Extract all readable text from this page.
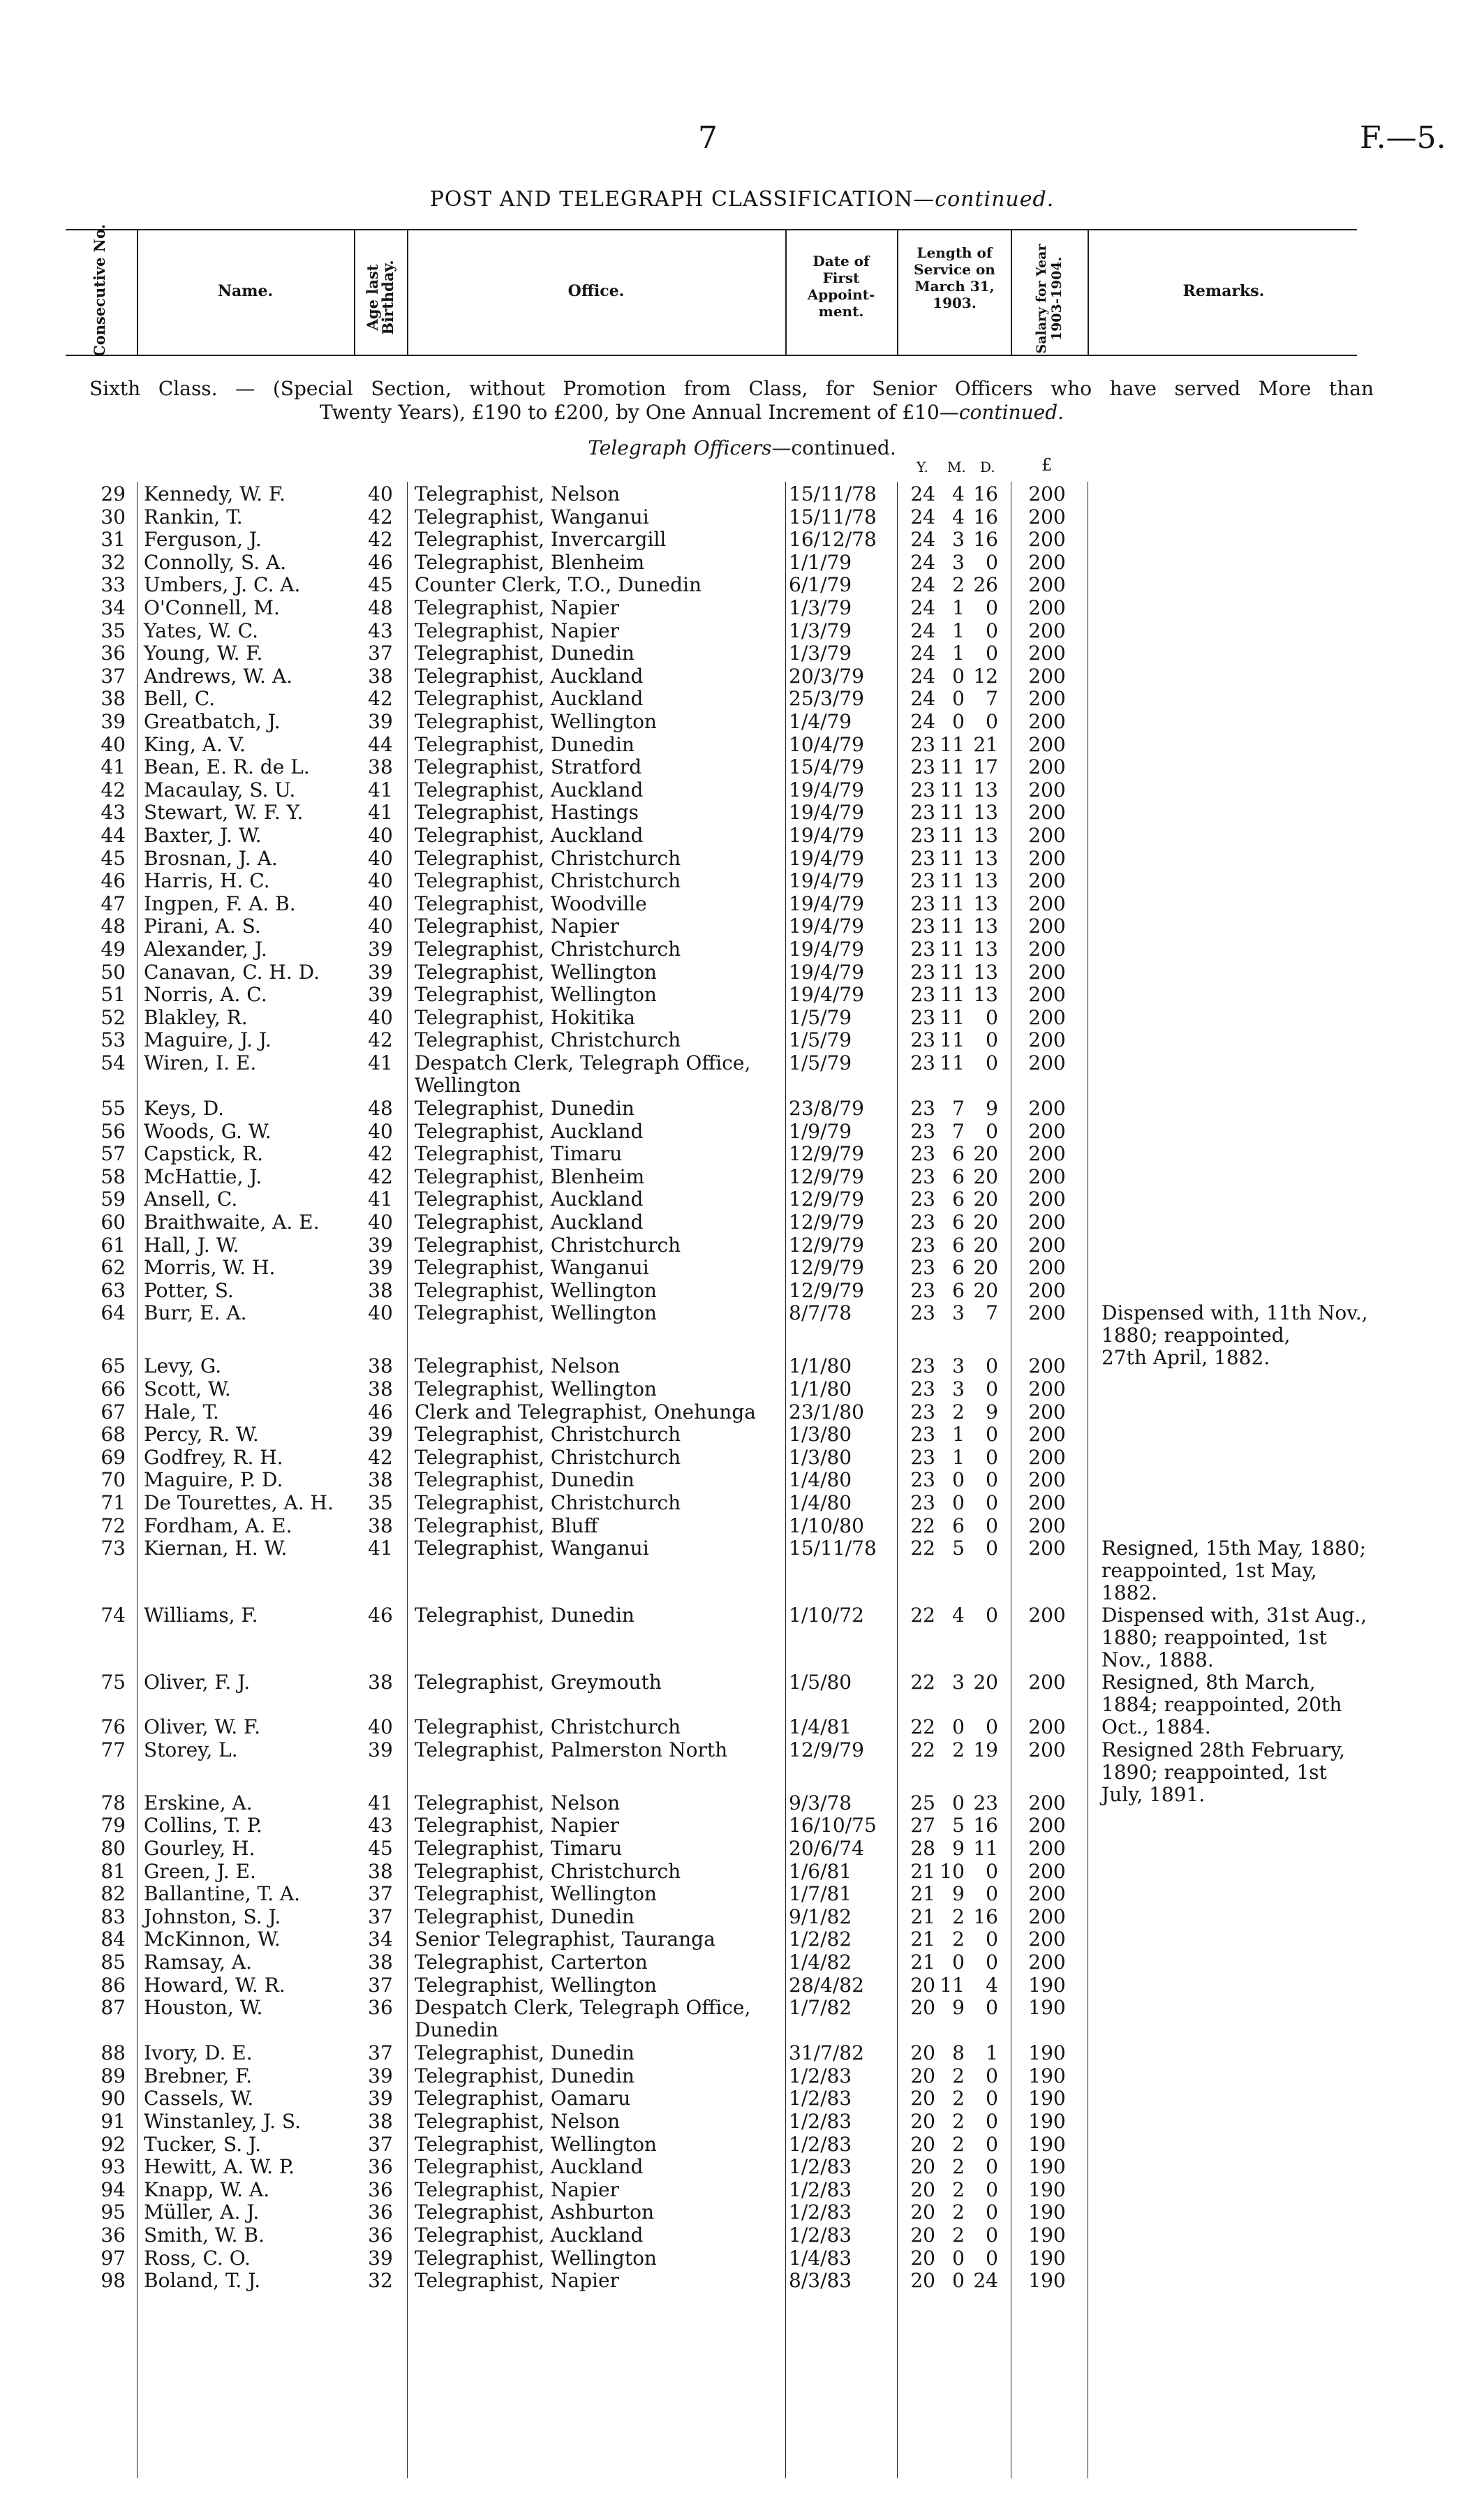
7	F.—5.
POST AND TELEGRAPH CLASSIFICATION—continued.
Consecutive No.	Name.	Age last Birthday.	Office.
Date of First Appoint-ment.
Length of Service on March 31, 1903.	Salary for Year 1903-1904.	Remarks.
Sixth Class. — (Special Section, without Promotion from Class, for Senior Officers who have served More than
Twenty Years), £190 to £200, by One Annual Increment of £10—continued.
Telegraph Officers—continued.
Y. M. D.	£
29 Kennedy, W. F.	40	Telegraphist, Nelson	15/11/78	24 4 16	200
30 Rankin, T.	42	Telegraphist, Wanganui	15/11/78	24 4 16	200
31 Ferguson, J.	42	Telegraphist, Invercargill	16/12/78	24 3 16	200
32 Connolly, S. A.	46	Telegraphist, Blenheim	1/1/79	24 3	0	200
33 Umbers, J. C. A.	45	Counter Clerk, T.O., Dunedin	6/1/79	24 2 26	200
34 O'Connell, M.	48	Telegraphist, Napier	1/3/79	24 1	0	200
35 Yates, W. C.	43	Telegraphist, Napier	1/3/79	24 1	0	200
36 Young, W. F.	37	Telegraphist, Dunedin	1/3/79	24 1	0	200
37 Andrews, W. A.	38	Telegraphist, Auckland	20/3/79	24 0 12	200
38 Bell, C.	42	Telegraphist, Auckland	25/3/79	24 0	7	200
39 Greatbatch, J.	39	Telegraphist, Wellington	1/4/79	24 0	0	200
40 King, A. V.	44	Telegraphist, Dunedin	10/4/79	23 11 21	200
41 Bean, E. R. de L.	38	Telegraphist, Stratford	15/4/79	23 11 17	200
42 Macaulay, S. U.	41	Telegraphist, Auckland	19/4/79	23 11 13	200
43 Stewart, W. F. Y.	41	Telegraphist, Hastings	19/4/79	23 11 13	200
44 Baxter, J. W.	40	Telegraphist, Auckland	19/4/79	23 11 13	200
45 Brosnan, J. A.	40	Telegraphist, Christchurch	19/4/79	23 11 13	200
46 Harris, H. C.	40	Telegraphist, Christchurch	19/4/79	23 11 13	200
47 Ingpen, F. A. B.	40	Telegraphist, Woodville	19/4/79	23 11 13	200
48 Pirani, A. S.	40	Telegraphist, Napier	19/4/79	23 11 13	200
49 Alexander, J.	39	Telegraphist, Christchurch	19/4/79	23 11 13	200
50 Canavan, C. H. D.	39	Telegraphist, Wellington	19/4/79	23 11 13	200
51 Norris, A. C.	39	Telegraphist, Wellington	19/4/79	23 11 13	200
52 Blakley, R.	40	Telegraphist, Hokitika	1/5/79	23 11	0	200
53 Maguire, J. J.	42	Telegraphist, Christchurch	1/5/79	23 11	0	200
54 Wiren, I. E.	41	Despatch Clerk, Telegraph Office, Wellington
1/5/79	23 11	0	200
55 Keys, D.	48	Telegraphist, Dunedin	23/8/79	23 7	9	200
56 Woods, G. W.	40	Telegraphist, Auckland	1/9/79	23 7	0	200
57 Capstick, R.	42	Telegraphist, Timaru	12/9/79	23 6 20	200
58 McHattie, J.	42	Telegraphist, Blenheim	12/9/79	23 6 20	200
59 Ansell, C.	41	Telegraphist, Auckland	12/9/79	23 6 20	200
60 Braithwaite, A. E.	40	Telegraphist, Auckland	12/9/79	23 6 20	200
61 Hall, J. W.	39	Telegraphist, Christchurch	12/9/79	23 6 20	200
62 Morris, W. H.	39	Telegraphist, Wanganui	12/9/79	23 6 20	200
63 Potter, S.	38	Telegraphist, Wellington	12/9/79	23 6 20	200
64 Burr, E. A.	40	Telegraphist, Wellington	8/7/78	23 3	7	200	Dispensed with, 11th Nov.,
1880; reappointed,
27th April, 1882.
65 Levy, G.	38	Telegraphist, Nelson	1/1/80	23 3	0	200
66 Scott, W.	38	Telegraphist, Wellington	1/1/80	23 3	0	200
67 Hale, T.	46	Clerk and Telegraphist, Onehunga	23/1/80	23 2	9	200
68 Percy, R. W.	39	Telegraphist, Christchurch	1/3/80	23 1	0	200
69 Godfrey, R. H.	42	Telegraphist, Christchurch	1/3/80	23 1	0	200
70 Maguire, P. D.	38	Telegraphist, Dunedin	1/4/80	23 0	0	200
71 De Tourettes, A. H.	35	Telegraphist, Christchurch	1/4/80	23 0	0	200
72 Fordham, A. E.	38	Telegraphist, Bluff	1/10/80	22 6	0	200
73 Kiernan, H. W.	41	Telegraphist, Wanganui	15/11/78	22 5	0	200	Resigned, 15th May, 1880;
reappointed, 1st May,
1882.
74 Williams, F.	46	Telegraphist, Dunedin	1/10/72	22 4	0	200	Dispensed with, 31st Aug.,
1880; reappointed, 1st
Nov., 1888.
75 Oliver, F. J.	38	Telegraphist, Greymouth	1/5/80	22 3 20	200	Resigned, 8th March,
1884; reappointed, 20th
Oct., 1884.
76 Oliver, W. F.	40	Telegraphist, Christchurch	1/4/81	22 0	0	200
77 Storey, L.	39	Telegraphist, Palmerston North	12/9/79	22 2 19	200	Resigned 28th February,
1890; reappointed, 1st
July, 1891.
78 Erskine, A.	41	Telegraphist, Nelson	9/3/78	25 0 23	200
79 Collins, T. P.	43	Telegraphist, Napier	16/10/75	27 5 16	200
80 Gourley, H.	45	Telegraphist, Timaru	20/6/74	28 9 11	200
81 Green, J. E.	38	Telegraphist, Christchurch	1/6/81	21 10	0	200
82 Ballantine, T. A.	37	Telegraphist, Wellington	1/7/81	21 9	0	200
83 Johnston, S. J.	37	Telegraphist, Dunedin	9/1/82	21 2 16	200
84 McKinnon, W.	34	Senior Telegraphist, Tauranga	1/2/82	21 2	0	200
85 Ramsay, A.	38	Telegraphist, Carterton	1/4/82	21 0	0	200
86 Howard, W. R.	37	Telegraphist, Wellington	28/4/82	20 11	4	190
87 Houston, W.	36	Despatch Clerk, Telegraph Office, Dunedin
1/7/82	20 9	0	190
88 Ivory, D. E.	37	Telegraphist, Dunedin	31/7/82	20 8	1	190
89 Brebner, F.	39	Telegraphist, Dunedin	1/2/83	20 2	0	190
90 Cassels, W.	39	Telegraphist, Oamaru	1/2/83	20 2	0	190
91 Winstanley, J. S.	38	Telegraphist, Nelson	1/2/83	20 2	0	190
92 Tucker, S. J.	37	Telegraphist, Wellington	1/2/83	20 2	0	190
93 Hewitt, A. W. P.	36	Telegraphist, Auckland	1/2/83	20 2	0	190
94 Knapp, W. A.	36	Telegraphist, Napier	1/2/83	20 2	0	190
95 Müller, A. J.	36	Telegraphist, Ashburton	1/2/83	20 2	0	190
36 Smith, W. B.	36	Telegraphist, Auckland	1/2/83	20 2	0	190
97 Ross, C. O.	39	Telegraphist, Wellington	1/4/83	20 0	0	190
98 Boland, T. J.	32	Telegraphist, Napier	8/3/83	20 0 24	190
